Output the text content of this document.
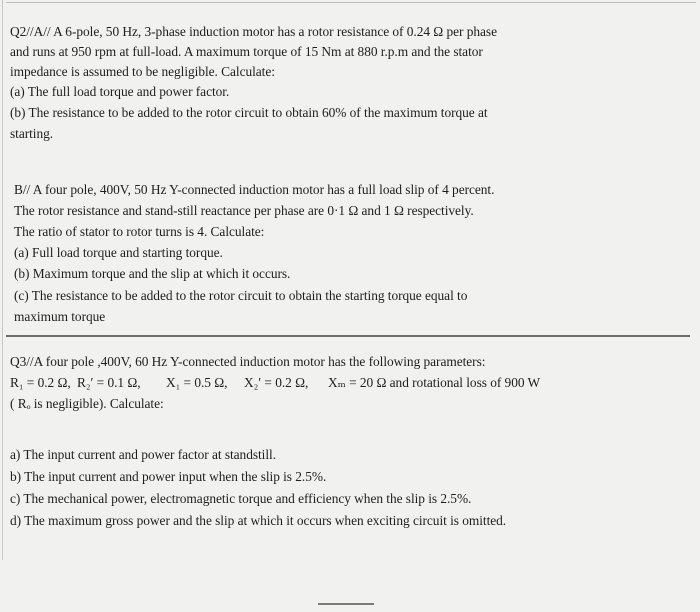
Q2//A// A 6-pole, 50 Hz, 3-phase induction motor has a rotor resistance of 0.24 Ω per phase
and runs at 950 rpm at full-load. A maximum torque of 15 Nm at 880 r.p.m and the stator
impedance is assumed to be negligible. Calculate:
(a) The full load torque and power factor.
(b) The resistance to be added to the rotor circuit to obtain 60% of the maximum torque at
starting.
B// A four pole, 400V, 50 Hz Y-connected induction motor has a full load slip of 4 percent.
The rotor resistance and stand-still reactance per phase are 0·1 Ω and 1 Ω respectively.
The ratio of stator to rotor turns is 4. Calculate:
(a) Full load torque and starting torque.
(b) Maximum torque and the slip at which it occurs.
(c) The resistance to be added to the rotor circuit to obtain the starting torque equal to
maximum torque
Q3//A four pole ,400V, 60 Hz Y-connected induction motor has the following parameters:
R₁ = 0.2 Ω, R₂′ = 0.1 Ω, X₁ = 0.5 Ω, X₂′ = 0.2 Ω, Xₘ = 20 Ω and rotational loss of 900 W
( Rₒ is negligible). Calculate:
a) The input current and power factor at standstill.
b) The input current and power input when the slip is 2.5%.
c) The mechanical power, electromagnetic torque and efficiency when the slip is 2.5%.
d) The maximum gross power and the slip at which it occurs when exciting circuit is omitted.
